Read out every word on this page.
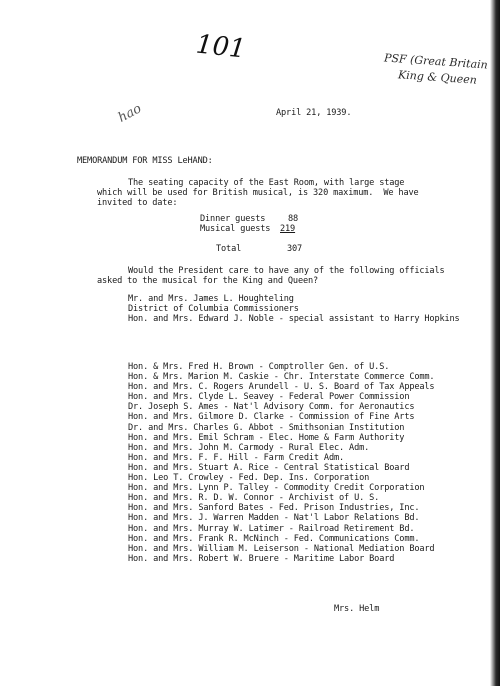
101	PSF (Great Britain
King & Queen
hao	April 21, 1939.
MEMORANDUM FOR MISS LeHAND:
The seating capacity of the East Room, with large stage
which will be used for British musical, is 320 maximum.  We have
invited to date:
Dinner guests	88
Musical guests 219
Total	307
Would the President care to have any of the following officials
asked to the musical for the King and Queen?
Mr. and Mrs. James L. Houghteling
District of Columbia Commissioners
Hon. and Mrs. Edward J. Noble - special assistant to Harry Hopkins
Hon. & Mrs. Fred H. Brown - Comptroller Gen. of U.S.
Hon. & Mrs. Marion M. Caskie - Chr. Interstate Commerce Comm.
Hon. and Mrs. C. Rogers Arundell - U. S. Board of Tax Appeals
Hon. and Mrs. Clyde L. Seavey - Federal Power Commission
Dr. Joseph S. Ames - Nat'l Advisory Comm. for Aeronautics
Hon. and Mrs. Gilmore D. Clarke - Commission of Fine Arts
Dr. and Mrs. Charles G. Abbot - Smithsonian Institution
Hon. and Mrs. Emil Schram - Elec. Home & Farm Authority
Hon. and Mrs. John M. Carmody - Rural Elec. Adm.
Hon. and Mrs. F. F. Hill - Farm Credit Adm.
Hon. and Mrs. Stuart A. Rice - Central Statistical Board
Hon. Leo T. Crowley - Fed. Dep. Ins. Corporation
Hon. and Mrs. Lynn P. Talley - Commodity Credit Corporation
Hon. and Mrs. R. D. W. Connor - Archivist of U. S.
Hon. and Mrs. Sanford Bates - Fed. Prison Industries, Inc.
Hon. and Mrs. J. Warren Madden - Nat'l Labor Relations Bd.
Hon. and Mrs. Murray W. Latimer - Railroad Retirement Bd.
Hon. and Mrs. Frank R. McNinch - Fed. Communications Comm.
Hon. and Mrs. William M. Leiserson - National Mediation Board
Hon. and Mrs. Robert W. Bruere - Maritime Labor Board
Mrs. Helm
